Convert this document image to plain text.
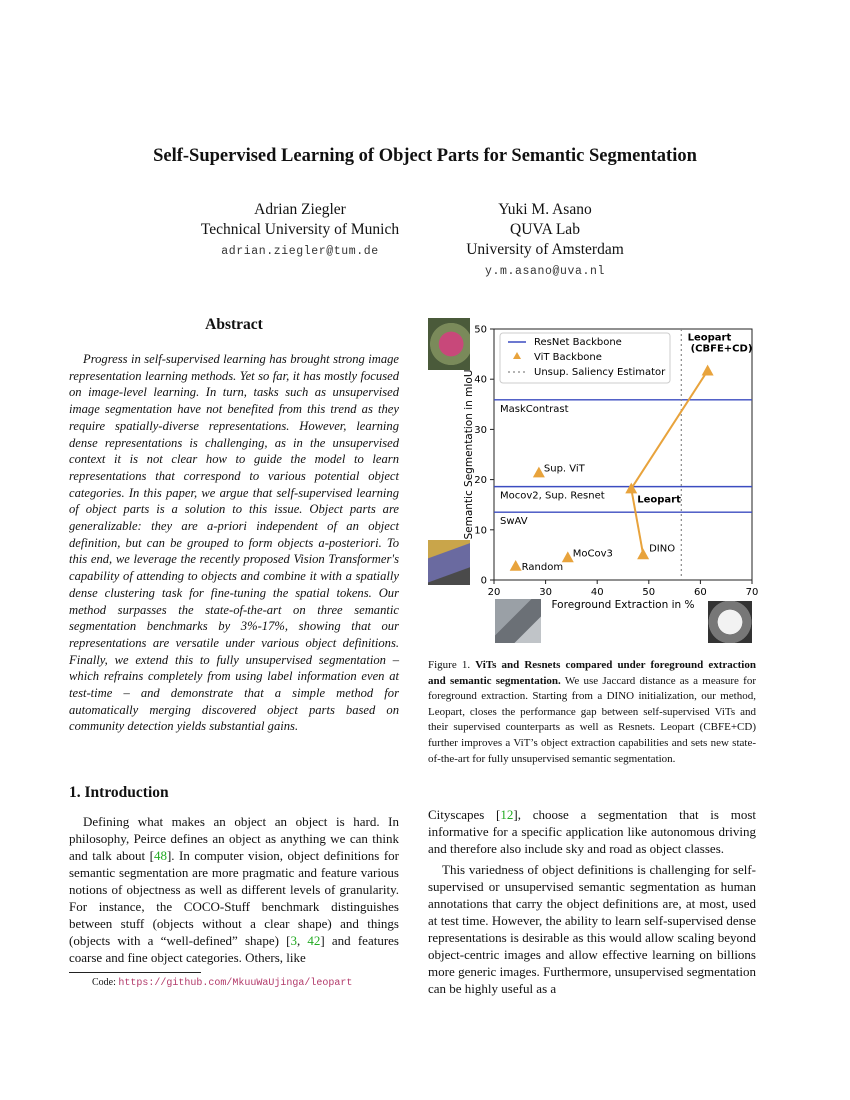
Self-Supervised Learning of Object Parts for Semantic Segmentation
Adrian Ziegler
Technical University of Munich
adrian.ziegler@tum.de
Yuki M. Asano
QUVA Lab
University of Amsterdam
y.m.asano@uva.nl
Abstract
Progress in self-supervised learning has brought strong image representation learning methods. Yet so far, it has mostly focused on image-level learning. In turn, tasks such as unsupervised image segmentation have not benefited from this trend as they require spatially-diverse representations. However, learning dense representations is challenging, as in the unsupervised context it is not clear how to guide the model to learn representations that correspond to various potential object categories. In this paper, we argue that self-supervised learning of object parts is a solution to this issue. Object parts are generalizable: they are a-priori independent of an object definition, but can be grouped to form objects a-posteriori. To this end, we leverage the recently proposed Vision Transformer's capability of attending to objects and combine it with a spatially dense clustering task for fine-tuning the spatial tokens. Our method surpasses the state-of-the-art on three semantic segmentation benchmarks by 3%-17%, showing that our representations are versatile under various object definitions. Finally, we extend this to fully unsupervised segmentation – which refrains completely from using label information even at test-time – and demonstrate that a simple method for automatically merging discovered object parts based on community detection yields substantial gains.
1. Introduction

Defining what makes an object an object is hard. In philosophy, Peirce defines an object as anything we can think and talk about [48]. In computer vision, object definitions for semantic segmentation are more pragmatic and feature various notions of objectness as well as different levels of granularity. For instance, the COCO-Stuff benchmark distinguishes between stuff (objects without a clear shape) and things (objects with a “well-defined” shape) [3, 42] and features coarse and fine object categories. Others, like

Cityscapes [12], choose a segmentation that is most informative for a specific application like autonomous driving and therefore also include sky and road as object classes.

This variedness of object definitions is challenging for self-supervised or unsupervised semantic segmentation as human annotations that carry the object definitions are, at most, used at test time. However, the ability to learn self-supervised dense representations is desirable as this would allow scaling beyond object-centric images and allow effective learning on billions more generic images. Furthermore, unsupervised segmentation can be highly useful as a

Code: https://github.com/MkuuWaUjinga/leopart
MaskContrast
Mocov2, Sup. Resnet
SwAV
Random
MoCov3
Sup. ViT
DINO
Leopart
Leopart (CBFE+CD)
20	30	40	50	60	70
0
10
20
30
40
50
Foreground Extraction in %
Semantic Segmentation in mIoU
ResNet Backbone
ViT Backbone
Unsup. Saliency Estimator
Figure 1. ViTs and Resnets compared under foreground extraction and semantic segmentation. We use Jaccard distance as a measure for foreground extraction. Starting from a DINO initialization, our method, Leopart, closes the performance gap between self-supervised ViTs and their supervised counterparts as well as Resnets. Leopart (CBFE+CD) further improves a ViT’s object extraction capabilities and sets new state-of-the-art for fully unsupervised semantic segmentation.
